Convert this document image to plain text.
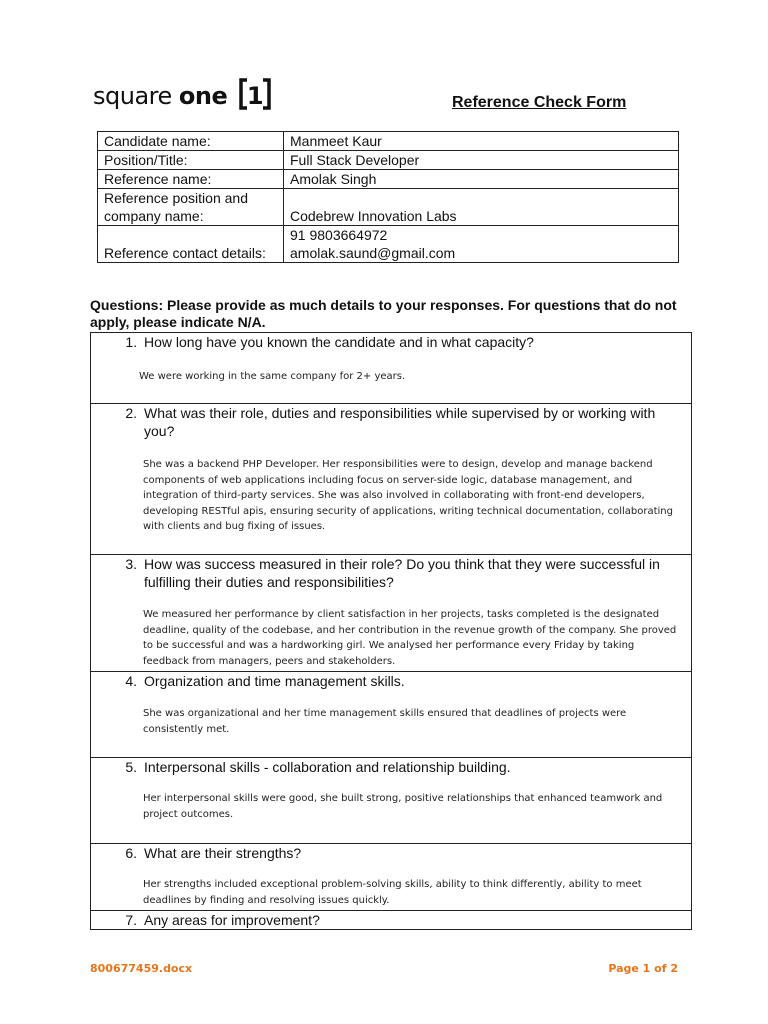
square one 1	Reference Check Form
Candidate name:	Manmeet Kaur
Position/Title:	Full Stack Developer
Reference name:	Amolak Singh
Reference position and company name:	Codebrew Innovation Labs
Reference contact details:	91 9803664972 amolak.saund@gmail.com
Questions: Please provide as much details to your responses. For questions that do not apply, please indicate N/A.
1. How long have you known the candidate and in what capacity?
We were working in the same company for 2+ years.

2. What was their role, duties and responsibilities while supervised by or working with you?
She was a backend PHP Developer. Her responsibilities were to design, develop and manage backend components of web applications including focus on server-side logic, database management, and integration of third-party services. She was also involved in collaborating with front-end developers, developing RESTful apis, ensuring security of applications, writing technical documentation, collaborating with clients and bug fixing of issues.

3. How was success measured in their role? Do you think that they were successful in fulfilling their duties and responsibilities?
We measured her performance by client satisfaction in her projects, tasks completed is the designated deadline, quality of the codebase, and her contribution in the revenue growth of the company. She proved to be successful and was a hardworking girl. We analysed her performance every Friday by taking feedback from managers, peers and stakeholders.

4. Organization and time management skills.
She was organizational and her time management skills ensured that deadlines of projects were consistently met.

5. Interpersonal skills - collaboration and relationship building.
Her interpersonal skills were good, she built strong, positive relationships that enhanced teamwork and project outcomes.

6. What are their strengths?
Her strengths included exceptional problem-solving skills, ability to think differently, ability to meet deadlines by finding and resolving issues quickly.

7. Any areas for improvement?
800677459.docx	Page 1 of 2
